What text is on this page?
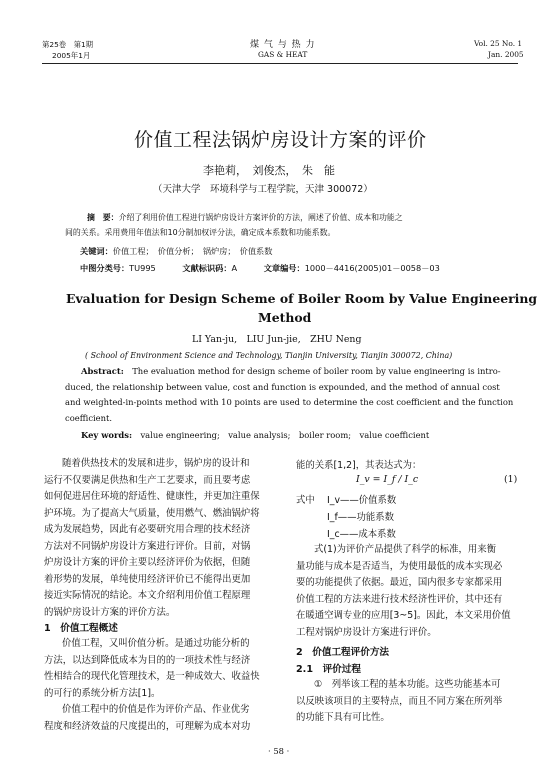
第25卷　第1期
2005年1月
煤 气 与 热 力
GAS & HEAT
Vol. 25 No. 1
Jan. 2005
价值工程法锅炉房设计方案的评价
李艳莉，　刘俊杰，　朱　能
（天津大学　环境科学与工程学院，天津 300072）
摘　要：介绍了利用价值工程进行锅炉房设计方案评价的方法，阐述了价值、成本和功能之
间的关系。采用费用年值法和10分制加权评分法，确定成本系数和功能系数。
关键词：价值工程；　价值分析；　锅炉房；　价值系数
中图分类号：TU995	文献标识码：A	文章编号：1000－4416(2005)01－0058－03
Evaluation for Design Scheme of Boiler Room by Value Engineering
Method
LI Yan-ju,　LIU Jun-jie,　ZHU Neng
( School of Environment Science and Technology, Tianjin University, Tianjin 300072, China)
Abstract:  The evaluation method for design scheme of boiler room by value engineering is intro-
duced, the relationship between value, cost and function is expounded, and the method of annual cost
and weighted-in-points method with 10 points are used to determine the cost coefficient and the function
coefficient.
Key words:  value engineering;　value analysis;　boiler room;　value coefficient
随着供热技术的发展和进步，锅炉房的设计和
运行不仅要满足供热和生产工艺要求，而且要考虑
如何促进居住环境的舒适性、健康性，并更加注重保
护环境。为了提高大气质量，使用燃气、燃油锅炉将
成为发展趋势，因此有必要研究用合理的技术经济
方法对不同锅炉房设计方案进行评价。目前，对锅
炉房设计方案的评价主要以经济评价为依据，但随
着形势的发展，单纯使用经济评价已不能得出更加
接近实际情况的结论。本文介绍利用价值工程原理
的锅炉房设计方案的评价方法。
1　价值工程概述
价值工程，又叫价值分析。是通过功能分析的
方法，以达到降低成本为目的的一项技术性与经济
性相结合的现代化管理技术，是一种成效大、收益快
的可行的系统分析方法[1]。
价值工程中的价值是作为评价产品、作业优劣
程度和经济效益的尺度提出的，可理解为成本对功
能的关系[1,2]，其表达式为：
I_v = I_f / I_c	(1)
式中 I_v——价值系数
I_f——功能系数
I_c——成本系数
式(1)为评价产品提供了科学的标准，用来衡
量功能与成本是否适当，为使用最低的成本实现必
要的功能提供了依据。最近，国内很多专家都采用
价值工程的方法来进行技术经济性评价，其中还有
在暖通空调专业的应用[3~5]。因此，本文采用价值
工程对锅炉房设计方案进行评价。
2　价值工程评价方法
2.1　评价过程
①　列举该工程的基本功能。这些功能基本可
以反映该项目的主要特点，而且不同方案在所列举
的功能下具有可比性。
· 58 ·
